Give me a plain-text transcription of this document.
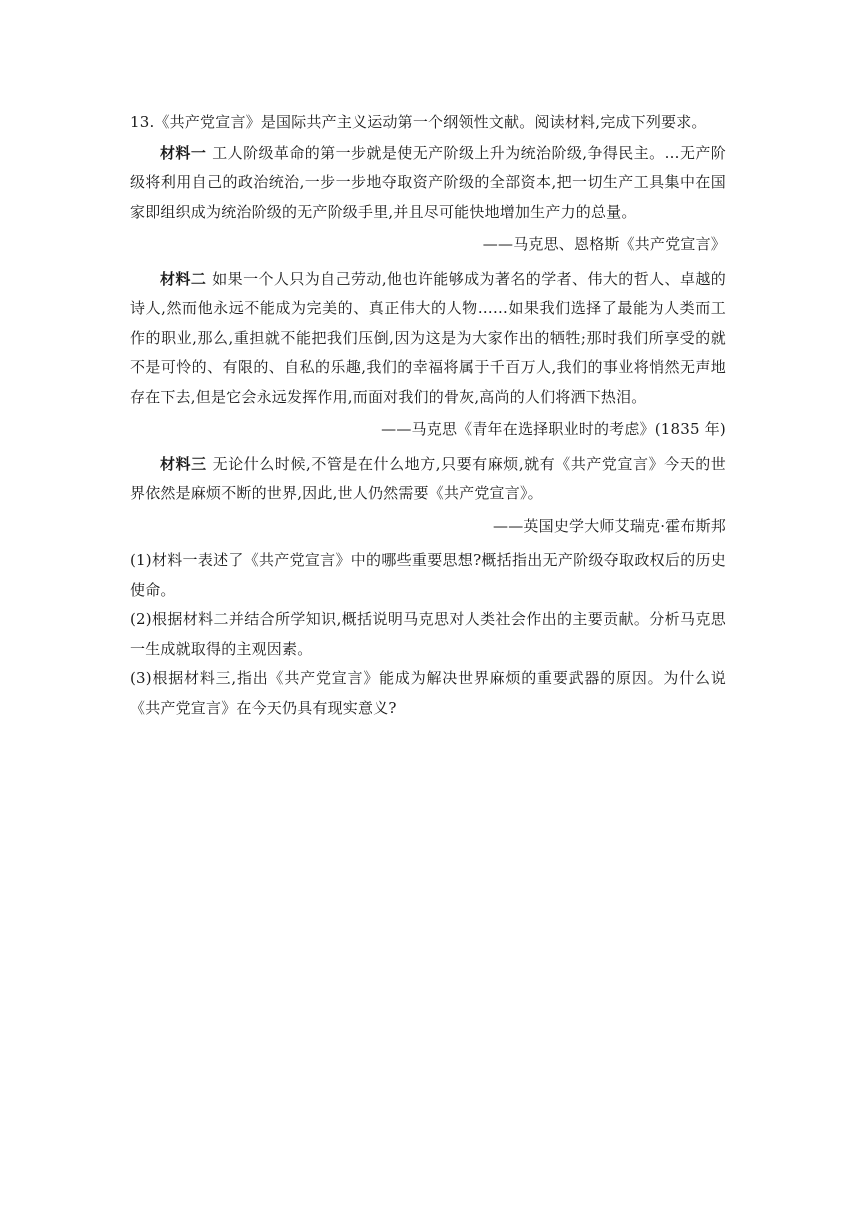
13.《共产党宣言》是国际共产主义运动第一个纲领性文献。阅读材料,完成下列要求。

材料一 工人阶级革命的第一步就是使无产阶级上升为统治阶级,争得民主。…无产阶级将利用自己的政治统治,一步一步地夺取资产阶级的全部资本,把一切生产工具集中在国家即组织成为统治阶级的无产阶级手里,并且尽可能快地增加生产力的总量。

——马克思、恩格斯《共产党宣言》

材料二 如果一个人只为自己劳动,他也许能够成为著名的学者、伟大的哲人、卓越的诗人,然而他永远不能成为完美的、真正伟大的人物……如果我们选择了最能为人类而工作的职业,那么,重担就不能把我们压倒,因为这是为大家作出的牺牲;那时我们所享受的就不是可怜的、有限的、自私的乐趣,我们的幸福将属于千百万人,我们的事业将悄然无声地存在下去,但是它会永远发挥作用,而面对我们的骨灰,高尚的人们将洒下热泪。

——马克思《青年在选择职业时的考虑》(1835 年)

材料三 无论什么时候,不管是在什么地方,只要有麻烦,就有《共产党宣言》今天的世界依然是麻烦不断的世界,因此,世人仍然需要《共产党宣言》。

——英国史学大师艾瑞克·霍布斯邦

(1)材料一表述了《共产党宣言》中的哪些重要思想?概括指出无产阶级夺取政权后的历史使命。

(2)根据材料二并结合所学知识,概括说明马克思对人类社会作出的主要贡献。分析马克思一生成就取得的主观因素。

(3)根据材料三,指出《共产党宣言》能成为解决世界麻烦的重要武器的原因。为什么说《共产党宣言》在今天仍具有现实意义?
